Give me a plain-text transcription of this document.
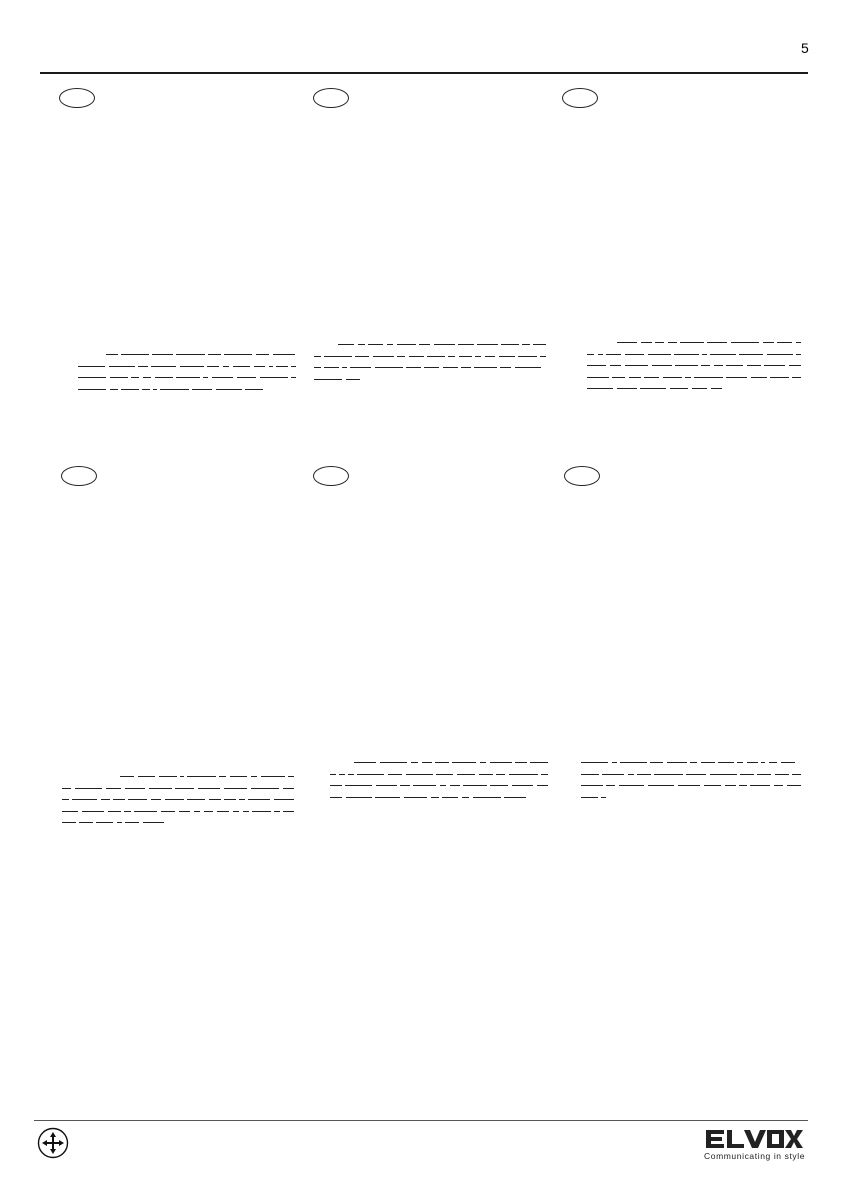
5
Communicating in style
